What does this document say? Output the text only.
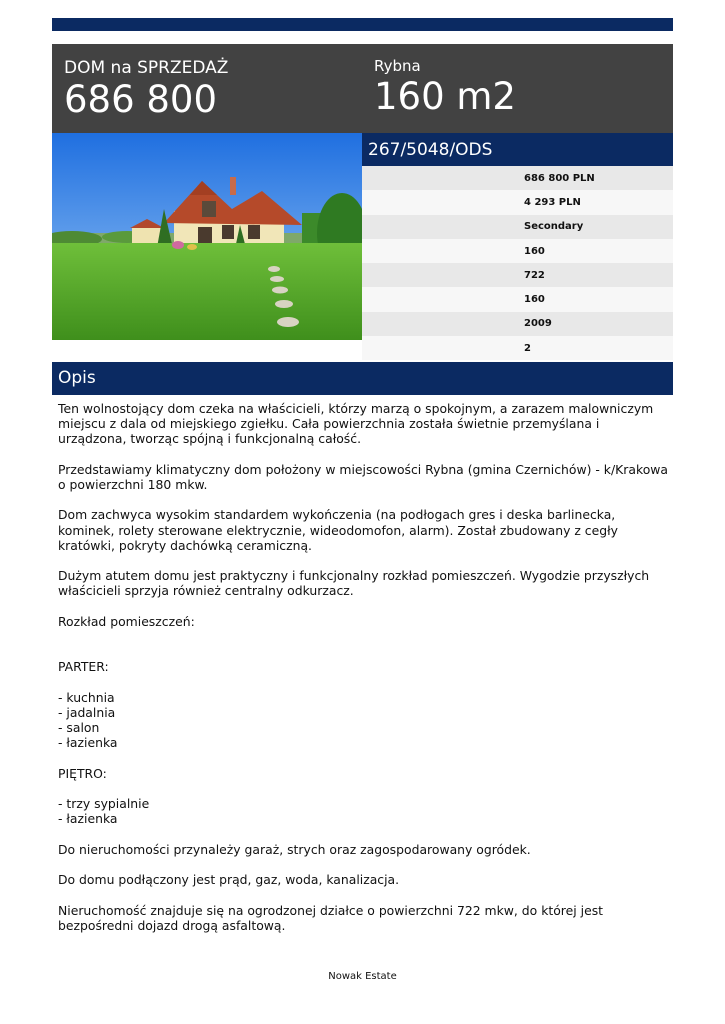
DOM na SPRZEDAŻ
686 800
Rybna
160 m2
267/5048/ODS
686 800 PLN
4 293 PLN
Secondary
160
722
160
2009
2
Opis

Ten wolnostojący dom czeka na właścicieli, którzy marzą o spokojnym, a zarazem malowniczym miejscu z dala od miejskiego zgiełku. Cała powierzchnia została świetnie przemyślana i urządzona, tworząc spójną i funkcjonalną całość.

Przedstawiamy klimatyczny dom położony w miejscowości Rybna (gmina Czernichów) - k/Krakowa o powierzchni 180 mkw.

Dom zachwyca wysokim standardem wykończenia (na podłogach gres i deska barlinecka, kominek, rolety sterowane elektrycznie, wideodomofon, alarm). Został zbudowany z cegły kratówki, pokryty dachówką ceramiczną.

Dużym atutem domu jest praktyczny i funkcjonalny rozkład pomieszczeń. Wygodzie przyszłych właścicieli sprzyja również centralny odkurzacz.

Rozkład pomieszczeń:

PARTER:

- kuchnia

- jadalnia

- salon

- łazienka

PIĘTRO:

- trzy sypialnie

- łazienka

Do nieruchomości przynależy garaż, strych oraz zagospodarowany ogródek.

Do domu podłączony jest prąd, gaz, woda, kanalizacja.

Nieruchomość znajduje się na ogrodzonej działce o powierzchni 722 mkw, do której jest bezpośredni dojazd drogą asfaltową.

Nowak Estate
